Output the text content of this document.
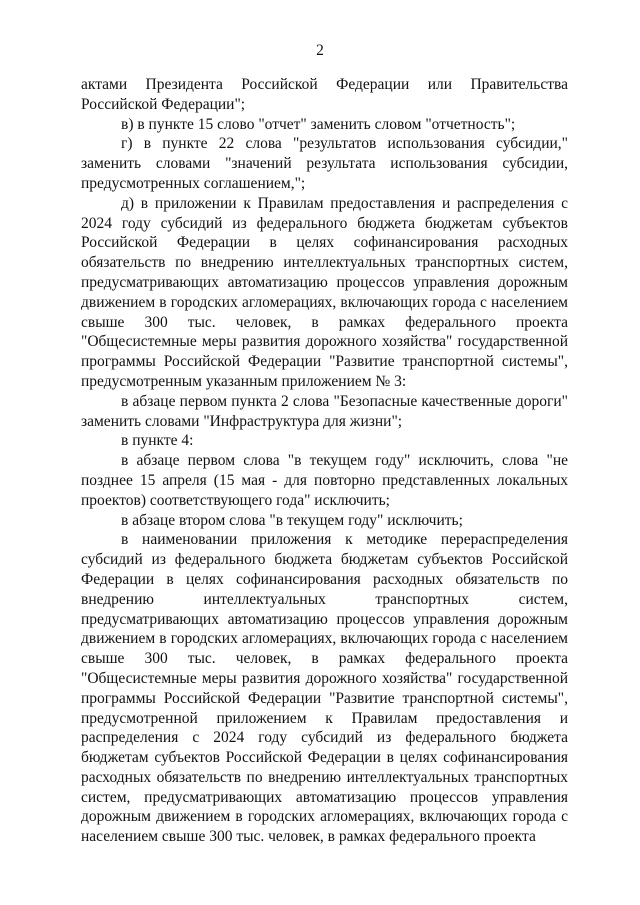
2

актами Президента Российской Федерации или Правительства Российской Федерации";

в) в пункте 15 слово "отчет" заменить словом "отчетность";

г) в пункте 22 слова "результатов использования субсидии," заменить словами "значений результата использования субсидии, предусмотренных соглашением,";

д) в приложении к Правилам предоставления и распределения с 2024 году субсидий из федерального бюджета бюджетам субъектов Российской Федерации в целях софинансирования расходных обязательств по внедрению интеллектуальных транспортных систем, предусматривающих автоматизацию процессов управления дорожным движением в городских агломерациях, включающих города с населением свыше 300 тыс. человек, в рамках федерального проекта "Общесистемные меры развития дорожного хозяйства" государственной программы Российской Федерации "Развитие транспортной системы", предусмотренным указанным приложением № 3:

в абзаце первом пункта 2 слова "Безопасные качественные дороги" заменить словами "Инфраструктура для жизни";

в пункте 4:

в абзаце первом слова "в текущем году" исключить, слова "не позднее 15 апреля (15 мая - для повторно представленных локальных проектов) соответствующего года" исключить;

в абзаце втором слова "в текущем году" исключить;

в наименовании приложения к методике перераспределения субсидий из федерального бюджета бюджетам субъектов Российской Федерации в целях софинансирования расходных обязательств по внедрению интеллектуальных транспортных систем, предусматривающих автоматизацию процессов управления дорожным движением в городских агломерациях, включающих города с населением свыше 300 тыс. человек, в рамках федерального проекта "Общесистемные меры развития дорожного хозяйства" государственной программы Российской Федерации "Развитие транспортной системы", предусмотренной приложением к Правилам предоставления и распределения с 2024 году субсидий из федерального бюджета бюджетам субъектов Российской Федерации в целях софинансирования расходных обязательств по внедрению интеллектуальных транспортных систем, предусматривающих автоматизацию процессов управления дорожным движением в городских агломерациях, включающих города с населением свыше 300 тыс. человек, в рамках федерального проекта
